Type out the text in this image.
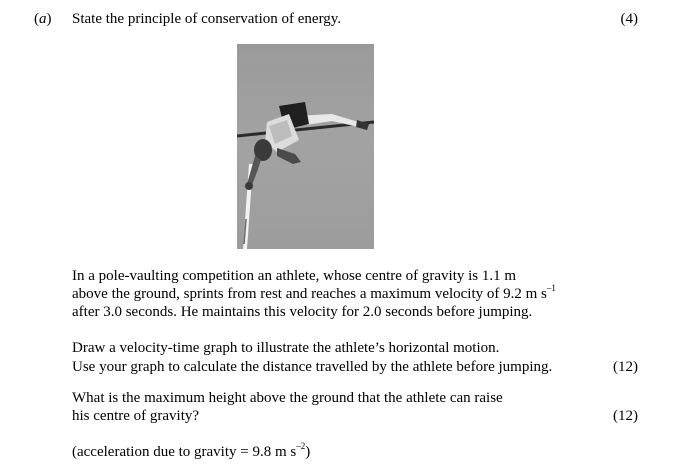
(a) State the principle of conservation of energy.	(4)
In a pole-vaulting competition an athlete, whose centre of gravity is 1.1 m
above the ground, sprints from rest and reaches a maximum velocity of 9.2 m $s^{-1}$
after 3.0 seconds. He maintains this velocity for 2.0 seconds before jumping.
Draw a velocity-time graph to illustrate the athlete’s horizontal motion.
Use your graph to calculate the distance travelled by the athlete before jumping.	(12)
What is the maximum height above the ground that the athlete can raise
his centre of gravity?	(12)
(acceleration due to gravity = 9.8 m $s^{-2}$)
